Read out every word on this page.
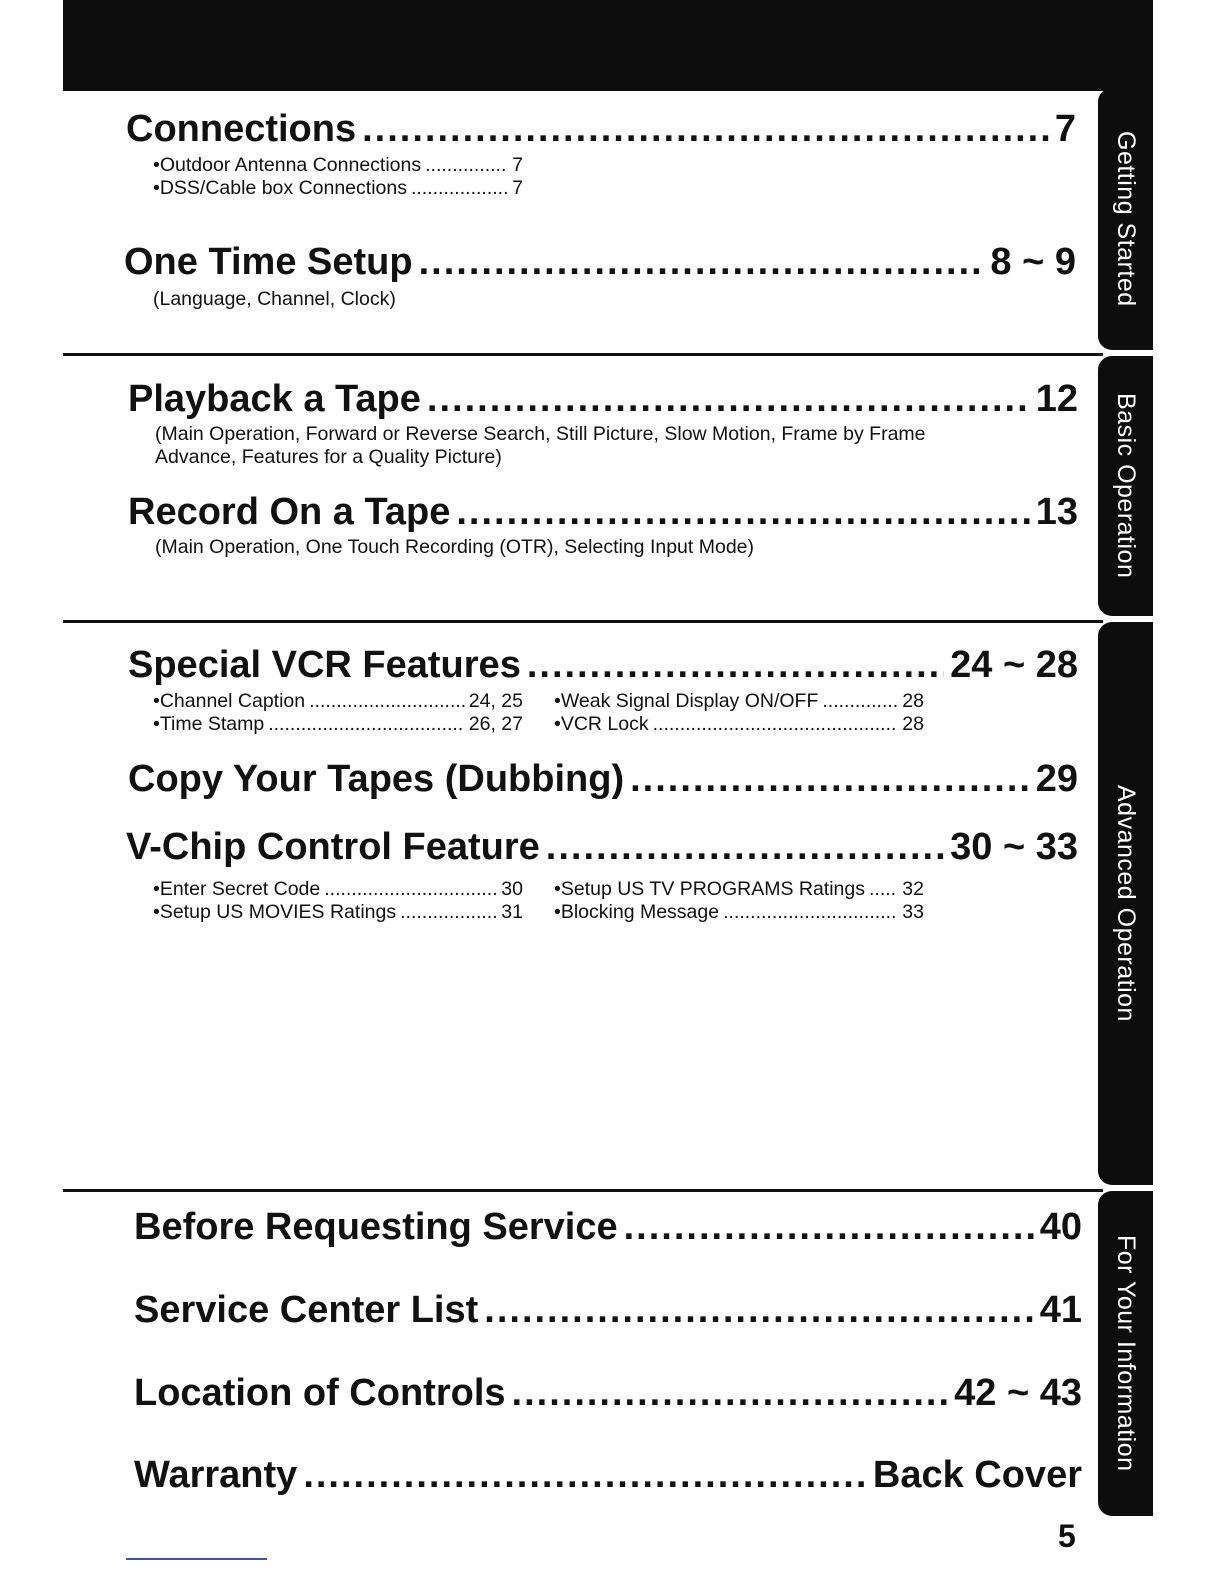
Getting Started
Basic Operation
Advanced Operation
For Your Information
Connections .....	7
• Outdoor Antenna Connections .....	7
• DSS/Cable box Connections .....	7
One Time Setup .....	8 ~ 9
(Language, Channel, Clock)
Playback a Tape .....	12
(Main Operation, Forward or Reverse Search, Still Picture, Slow Motion, Frame by Frame
Advance, Features for a Quality Picture)
Record On a Tape .....	13
(Main Operation, One Touch Recording (OTR), Selecting Input Mode)
Special VCR Features .....	24 ~ 28
• Channel Caption .....	24, 25 • Weak Signal Display ON/OFF .....	28
• Time Stamp .....	26, 27 • VCR Lock .....	28
Copy Your Tapes (Dubbing) .....	29
V-Chip Control Feature .....	30 ~ 33
• Enter Secret Code .....	30 • Setup US TV PROGRAMS Ratings ..... 32
• Setup US MOVIES Ratings .....	31 • Blocking Message .....	33
Before Requesting Service .....	40
Service Center List .....	41
Location of Controls .....	42 ~ 43
Warranty .....	Back Cover
5
